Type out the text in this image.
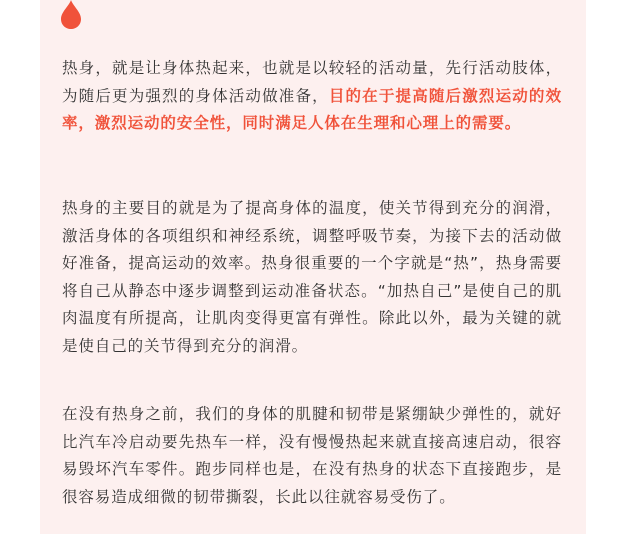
热身，就是让身体热起来，也就是以较轻的活动量，先行活动肢体，为随后更为强烈的身体活动做准备，目的在于提高随后激烈运动的效率，激烈运动的安全性，同时满足人体在生理和心理上的需要。

热身的主要目的就是为了提高身体的温度，使关节得到充分的润滑，激活身体的各项组织和神经系统，调整呼吸节奏，为接下去的活动做好准备，提高运动的效率。热身很重要的一个字就是“热”，热身需要将自己从静态中逐步调整到运动准备状态。“加热自己”是使自己的肌肉温度有所提高，让肌肉变得更富有弹性。除此以外，最为关键的就是使自己的关节得到充分的润滑。

在没有热身之前，我们的身体的肌腱和韧带是紧绷缺少弹性的，就好比汽车冷启动要先热车一样，没有慢慢热起来就直接高速启动，很容易毁坏汽车零件。跑步同样也是，在没有热身的状态下直接跑步，是很容易造成细微的韧带撕裂，长此以往就容易受伤了。
